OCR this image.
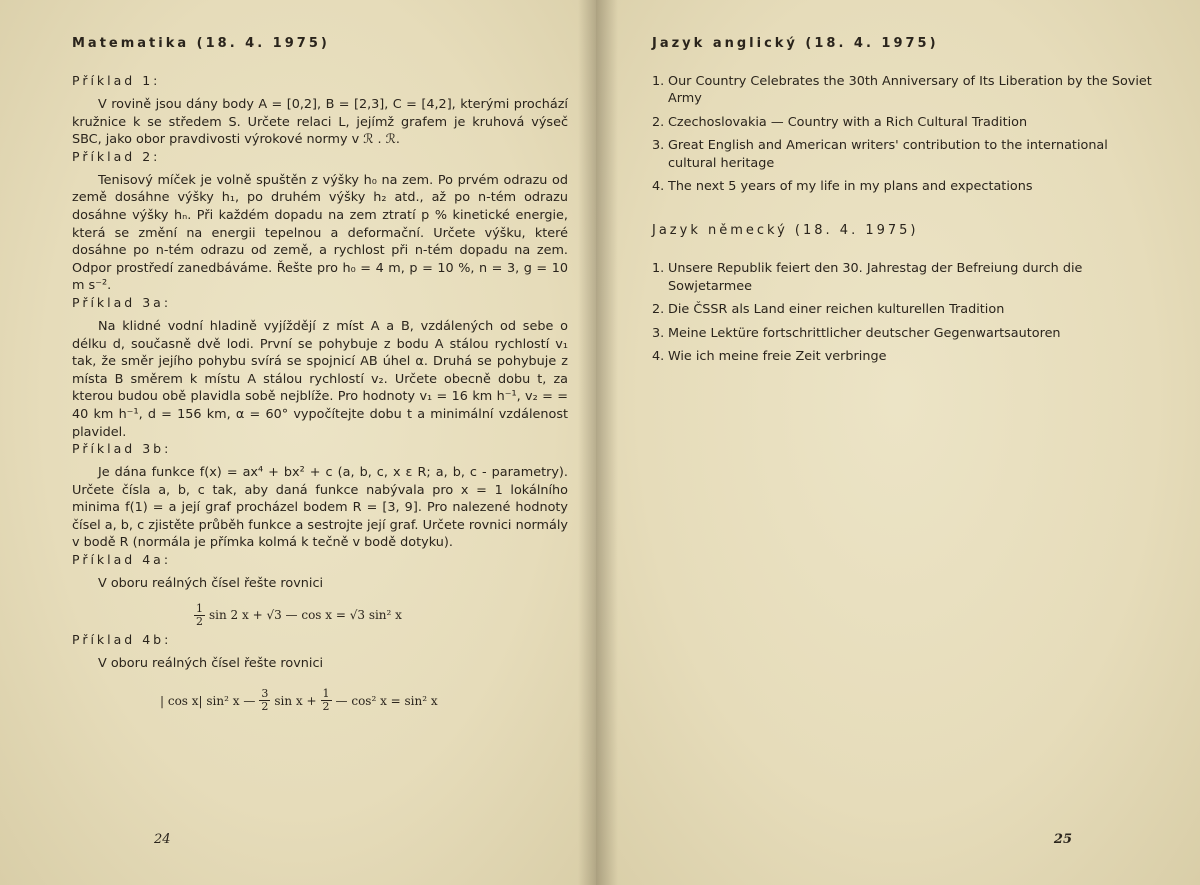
Matematika (18. 4. 1975)
Příklad 1:

V rovině jsou dány body A = [0,2], B = [2,3], C = [4,2], kterými prochází kružnice k se středem S. Určete relaci L, jejímž grafem je kruhová výseč SBC, jako obor pravdivosti výrokové normy v ℛ . ℛ.

Příklad 2:

Tenisový míček je volně spuštěn z výšky h₀ na zem. Po prvém odrazu od země dosáhne výšky h₁, po druhém výšky h₂ atd., až po n-tém odrazu dosáhne výšky hₙ. Při každém dopadu na zem ztratí p % kinetické energie, která se změní na energii tepelnou a deformační. Určete výšku, které dosáhne po n-tém odrazu od země, a rychlost při n-tém dopadu na zem. Odpor prostředí zanedbáváme. Řešte pro h₀ = 4 m, p = 10 %, n = 3, g = 10 m s⁻².

Příklad 3a:

Na klidné vodní hladině vyjíždějí z míst A a B, vzdálených od sebe o délku d, současně dvě lodi. První se pohybuje z bodu A stálou rychlostí v₁ tak, že směr jejího pohybu svírá se spojnicí AB úhel α. Druhá se pohybuje z místa B směrem k místu A stálou rychlostí v₂. Určete obecně dobu t, za kterou budou obě plavidla sobě nejblíže. Pro hodnoty v₁ = 16 km h⁻¹, v₂ = = 40 km h⁻¹, d = 156 km, α = 60° vypočítejte dobu t a minimální vzdálenost plavidel.

Příklad 3b:

Je dána funkce f(x) = ax⁴ + bx² + c (a, b, c, x ε R; a, b, c - parametry). Určete čísla a, b, c tak, aby daná funkce nabývala pro x = 1 lokálního minima f(1) = a její graf procházel bodem R = [3, 9]. Pro nalezené hodnoty čísel a, b, c zjistěte průběh funkce a sestrojte její graf. Určete rovnici normály v bodě R (normála je přímka kolmá k tečně v bodě dotyku).

Příklad 4a:

V oboru reálných čísel řešte rovnici

$\frac{1}{2}$ sin 2 x + √3 — cos x = √3 sin² x
Příklad 4b:

V oboru reálných čísel řešte rovnici

| cos x| sin² x — $\frac{3}{2}$ $\sin x + \frac{1}{2}$ — cos² x = sin² x
24
Jazyk anglický (18. 4. 1975)
1. Our Country Celebrates the 30th Anniversary of Its Liberation by the Soviet Army
2. Czechoslovakia — Country with a Rich Cultural Tradition
3. Great English and American writers' contribution to the international cultural heritage
4. The next 5 years of my life in my plans and expectations
Jazyk německý (18. 4. 1975)
1. Unsere Republik feiert den 30. Jahrestag der Befreiung durch die Sowjetarmee
2. Die ČSSR als Land einer reichen kulturellen Tradition
3. Meine Lektüre fortschrittlicher deutscher Gegenwartsautoren
4. Wie ich meine freie Zeit verbringe
25
